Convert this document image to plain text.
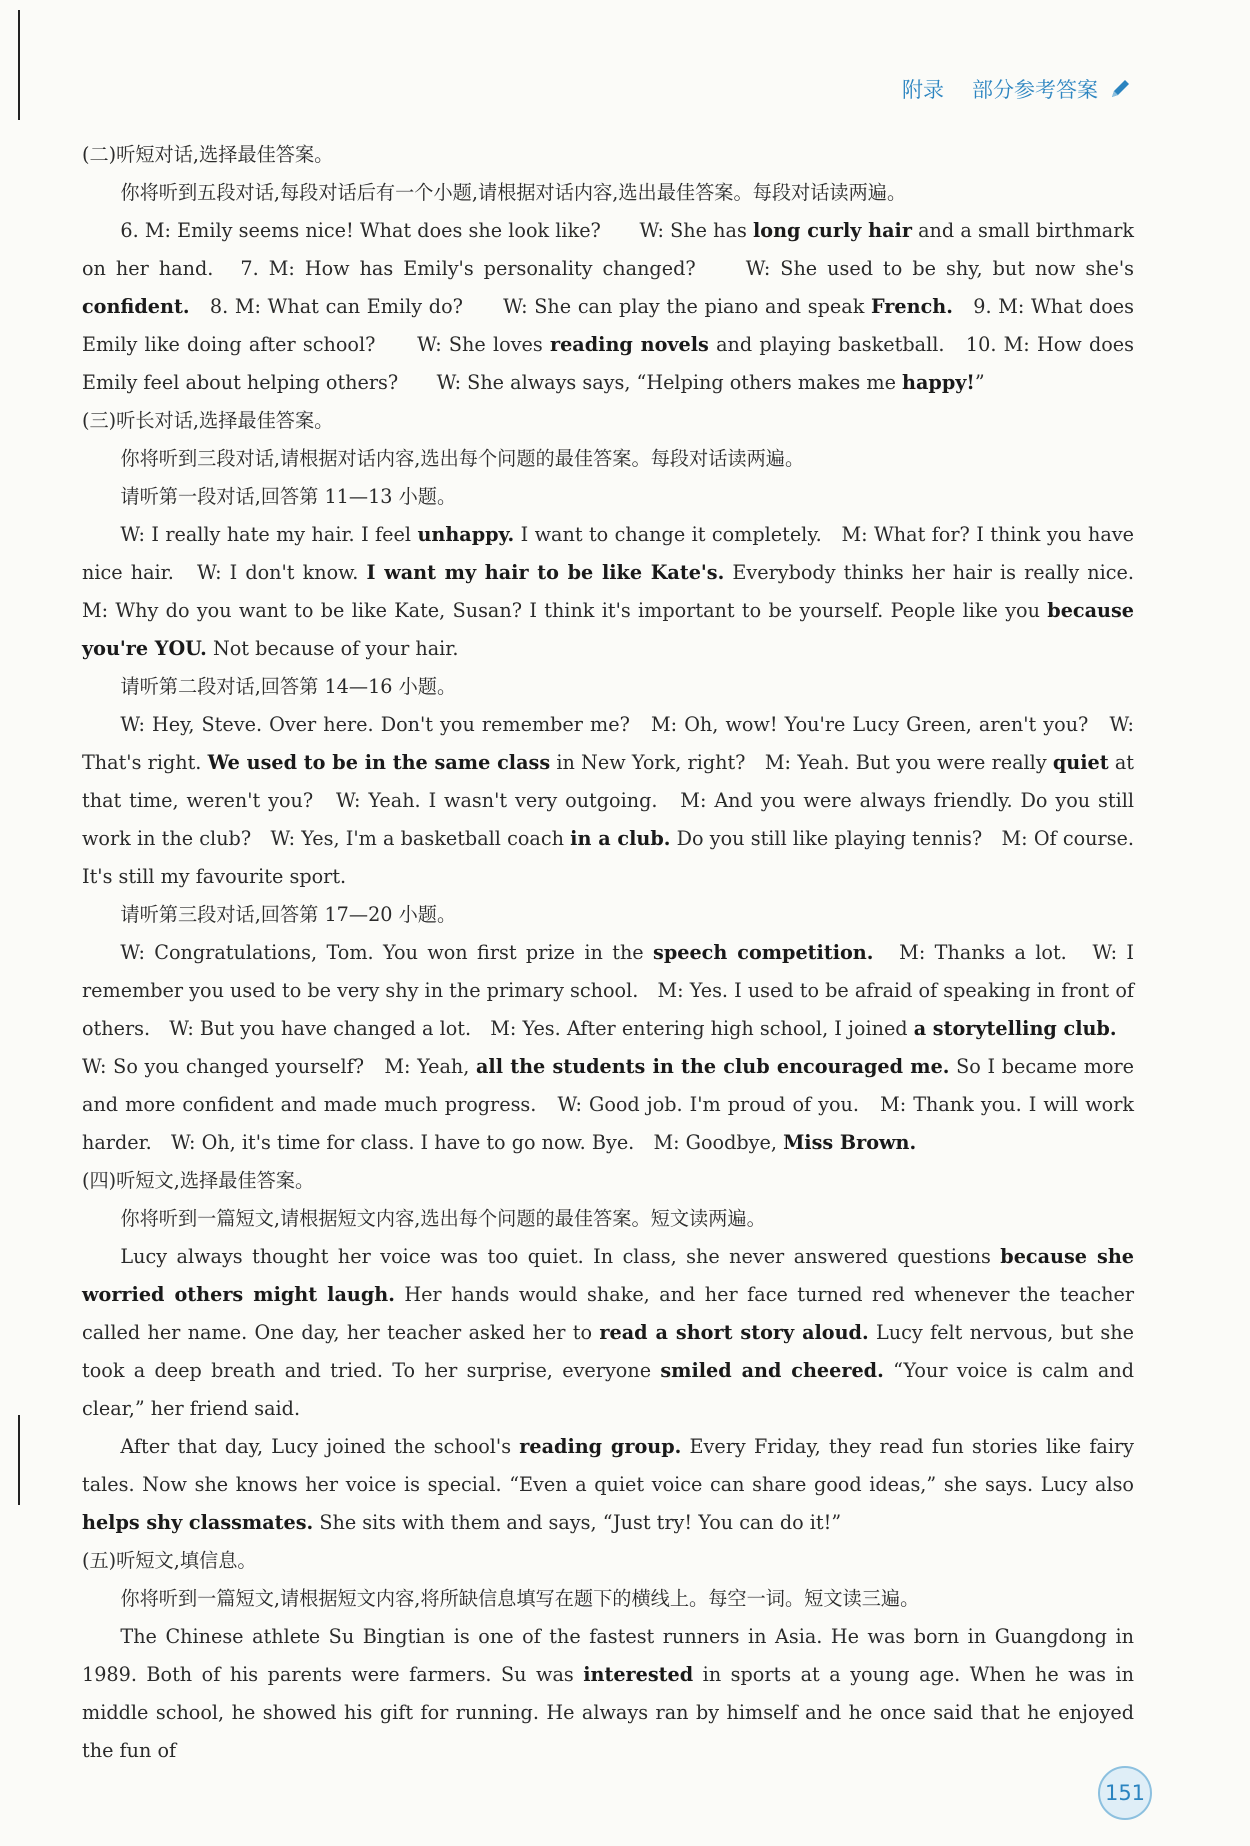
附录 部分参考答案

(二)听短对话,选择最佳答案。

你将听到五段对话,每段对话后有一个小题,请根据对话内容,选出最佳答案。每段对话读两遍。

6. M: Emily seems nice! What does she look like?　　W: She has long curly hair and a small birthmark on her hand.　7. M: How has Emily's personality changed?　　W: She used to be shy, but now she's confident.　8. M: What can Emily do?　　W: She can play the piano and speak French.　9. M: What does Emily like doing after school?　　W: She loves reading novels and playing basketball.　10. M: How does Emily feel about helping others?　　W: She always says, “Helping others makes me happy!”

(三)听长对话,选择最佳答案。

你将听到三段对话,请根据对话内容,选出每个问题的最佳答案。每段对话读两遍。

请听第一段对话,回答第 11—13 小题。

W: I really hate my hair. I feel unhappy. I want to change it completely.　M: What for? I think you have nice hair.　W: I don't know. I want my hair to be like Kate's. Everybody thinks her hair is really nice.　M: Why do you want to be like Kate, Susan? I think it's important to be yourself. People like you because you're YOU. Not because of your hair.

请听第二段对话,回答第 14—16 小题。

W: Hey, Steve. Over here. Don't you remember me?　M: Oh, wow! You're Lucy Green, aren't you?　W: That's right. We used to be in the same class in New York, right?　M: Yeah. But you were really quiet at that time, weren't you?　W: Yeah. I wasn't very outgoing.　M: And you were always friendly. Do you still work in the club?　W: Yes, I'm a basketball coach in a club. Do you still like playing tennis?　M: Of course. It's still my favourite sport.

请听第三段对话,回答第 17—20 小题。

W: Congratulations, Tom. You won first prize in the speech competition.　M: Thanks a lot.　W: I remember you used to be very shy in the primary school.　M: Yes. I used to be afraid of speaking in front of others.　W: But you have changed a lot.　M: Yes. After entering high school, I joined a storytelling club.　W: So you changed yourself?　M: Yeah, all the students in the club encouraged me. So I became more and more confident and made much progress.　W: Good job. I'm proud of you.　M: Thank you. I will work harder.　W: Oh, it's time for class. I have to go now. Bye.　M: Goodbye, Miss Brown.

(四)听短文,选择最佳答案。

你将听到一篇短文,请根据短文内容,选出每个问题的最佳答案。短文读两遍。

Lucy always thought her voice was too quiet. In class, she never answered questions because she worried others might laugh. Her hands would shake, and her face turned red whenever the teacher called her name. One day, her teacher asked her to read a short story aloud. Lucy felt nervous, but she took a deep breath and tried. To her surprise, everyone smiled and cheered. “Your voice is calm and clear,” her friend said.

After that day, Lucy joined the school's reading group. Every Friday, they read fun stories like fairy tales. Now she knows her voice is special. “Even a quiet voice can share good ideas,” she says. Lucy also helps shy classmates. She sits with them and says, “Just try! You can do it!”

(五)听短文,填信息。

你将听到一篇短文,请根据短文内容,将所缺信息填写在题下的横线上。每空一词。短文读三遍。

The Chinese athlete Su Bingtian is one of the fastest runners in Asia. He was born in Guangdong in 1989. Both of his parents were farmers. Su was interested in sports at a young age. When he was in middle school, he showed his gift for running. He always ran by himself and he once said that he enjoyed the fun of

151
